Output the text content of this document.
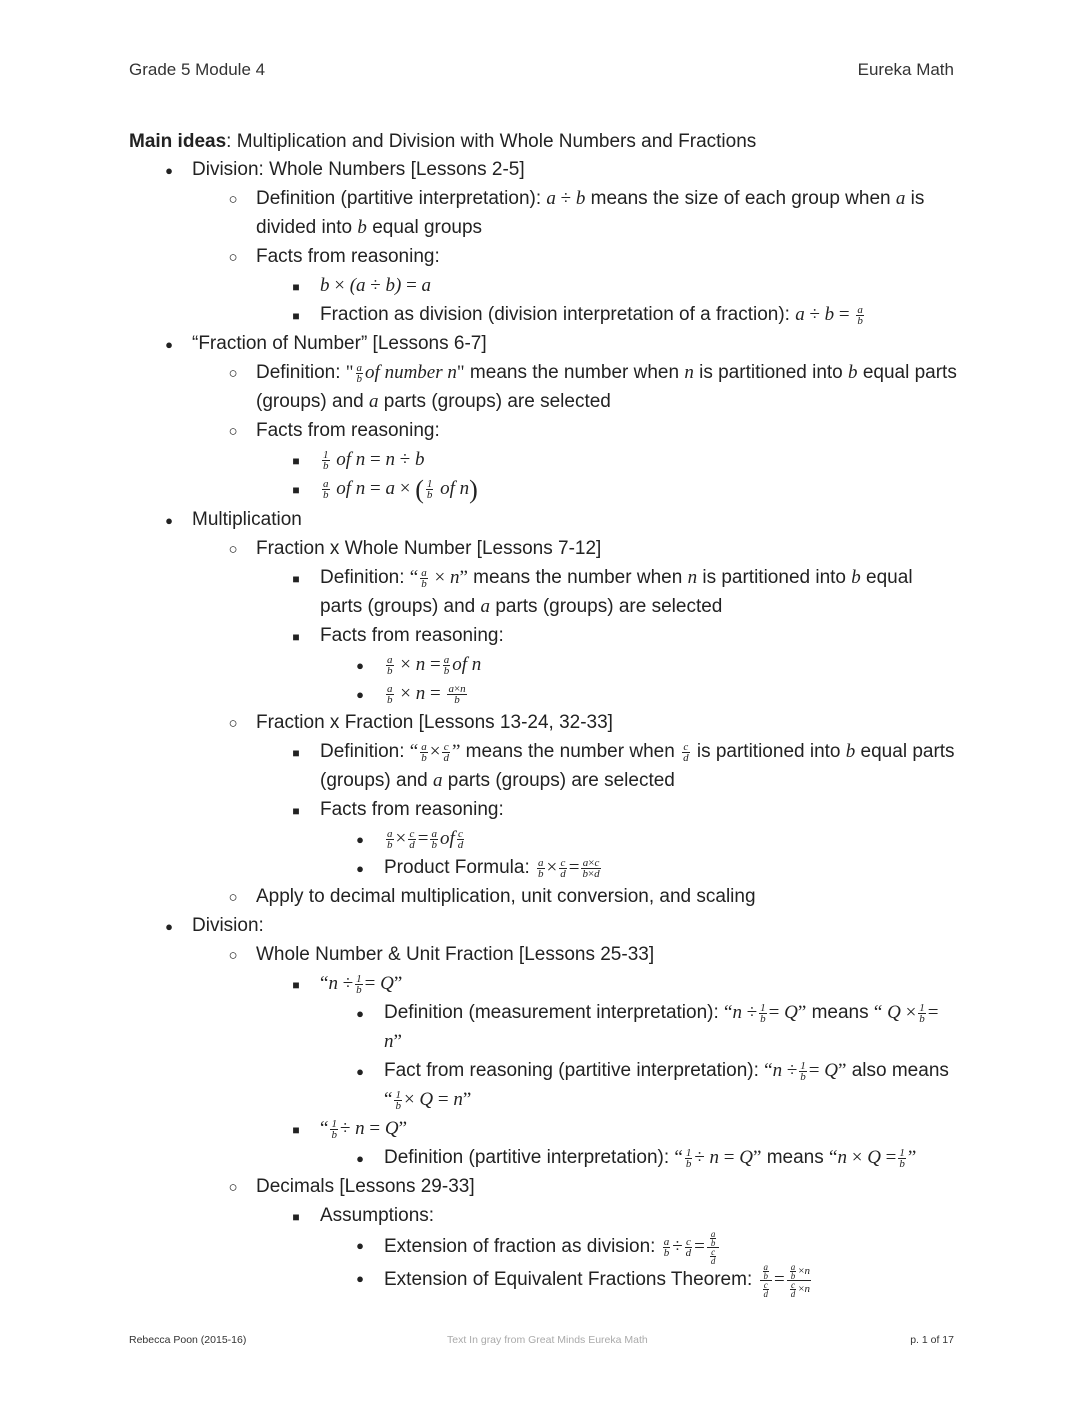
Grade 5 Module 4	Eureka Math
Main ideas: Multiplication and Division with Whole Numbers and Fractions
●
Division: Whole Numbers [Lessons 2-5]
○
Definition (partitive interpretation): a ÷ b means the size of each group when a is divided into b equal groups
○
Facts from reasoning:
■
b × (a ÷ b) = a
■
Fraction as division (division interpretation of a fraction): $a \div b = \frac{a}{b}$
●
“Fraction of Number” [Lessons 6-7]
○
Definition: " $\frac{a}{b}$ of number n" means the number when n is partitioned into b equal parts (groups) and a parts (groups) are selected
○
Facts from reasoning:
■
$\frac{1}{b}$ of n = n ÷ b
■
$\frac{a}{b}$ of n = a × ( $\frac{1}{b}$ of n)
●
Multiplication
○
Fraction x Whole Number [Lessons 7-12]
■
Definition: “ $\frac{a}{b} \times n$” means the number when n is partitioned into b equal parts (groups) and a parts (groups) are selected
■
Facts from reasoning:
●
$\frac{a}{b} \times n = \frac{a}{b}$ of n
●
$\frac{a}{b} \times n = \frac{a\times n}{b}$
○
Fraction x Fraction [Lessons 13-24, 32-33]
■
Definition: “ $\frac{a}{b} \times \frac{c}{d}$ ” means the number when $\frac{c}{d}$ is partitioned into b equal parts (groups) and a parts (groups) are selected
■
Facts from reasoning:
●
$\frac{a}{b} \times \frac{c}{d} = \frac{a}{b}$ of $\frac{c}{d}$
●
Product Formula: $\frac{a}{b} \times \frac{c}{d} = \frac{a\times c}{b\times d}$
○
Apply to decimal multiplication, unit conversion, and scaling
●
Division:
○
Whole Number & Unit Fraction [Lessons 25-33]
■
“$n \div \frac{1}{b} = Q$”
●
Definition (measurement interpretation): “$n \div \frac{1}{b} = Q$” means “ $Q \times \frac{1}{b} = n$”
●
Fact from reasoning (partitive interpretation): “$n \div \frac{1}{b} = Q$” also means “ $\frac{1}{b} \times Q = n$”
■
“ $\frac{1}{b} \div n = Q$”
●
Definition (partitive interpretation): “ $\frac{1}{b} \div n = Q$” means “$n \times Q = \frac{1}{b}$ ”
○
Decimals [Lessons 29-33]
■
Assumptions:
●
Extension of fraction as division: $\frac{a}{b} \div \frac{c}{d} = \frac{\frac{a}{b}}{\frac{c}{d}}$
●
Extension of Equivalent Fractions Theorem: $\frac{\frac{a}{b}}{\frac{c}{d}} = \frac{\frac{a}{b} \times n}{\frac{c}{d} \times n}$
Rebecca Poon (2015-16)	Text In gray from Great Minds Eureka Math	p. 1 of 17
